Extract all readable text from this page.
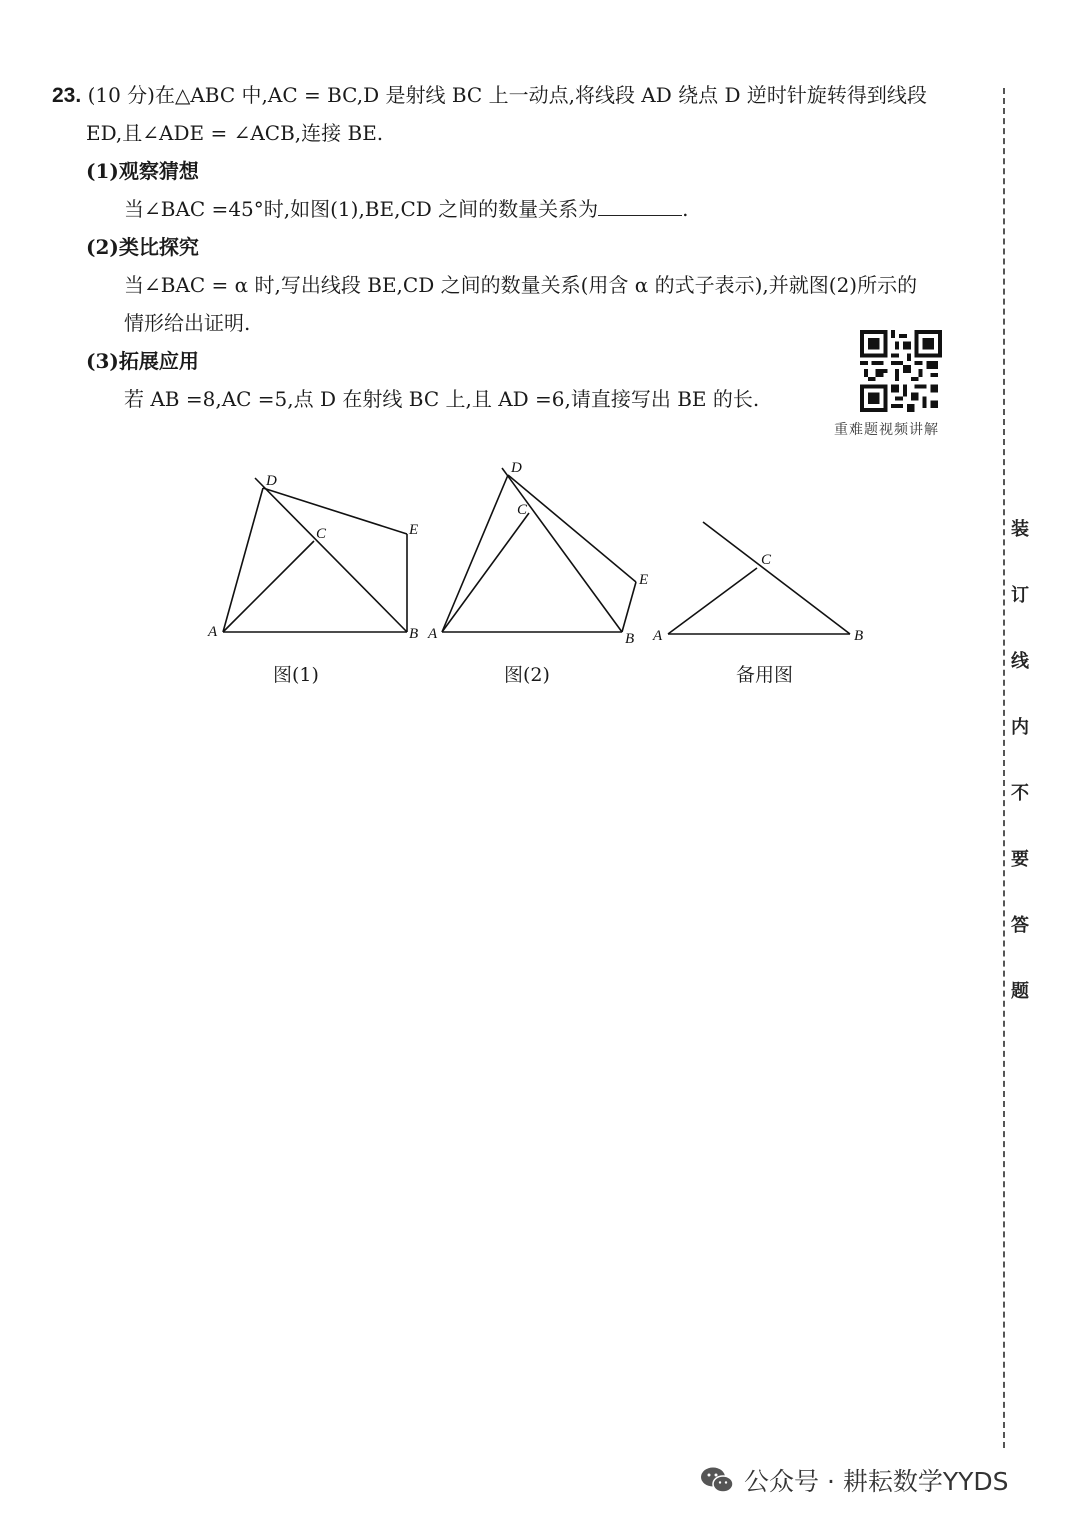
23. (10 分)在△ABC 中,AC = BC,D 是射线 BC 上一动点,将线段 AD 绕点 D 逆时针旋转得到线段
ED,且∠ADE = ∠ACB,连接 BE.
(1)观察猜想
当∠BAC =45°时,如图(1),BE,CD 之间的数量关系为	.
(2)类比探究
当∠BAC = α 时,写出线段 BE,CD 之间的数量关系(用含 α 的式子表示),并就图(2)所示的
情形给出证明.
(3)拓展应用
若 AB =8,AC =5,点 D 在射线 BC 上,且 AD =6,请直接写出 BE 的长.
重难题视频讲解
A	B
C
D
E
A	B
C
D
E
A	B
C
图(1)	图(2)	备用图
装
订
线
内
不
要
答
题
公众号 · 耕耘数学YYDS
